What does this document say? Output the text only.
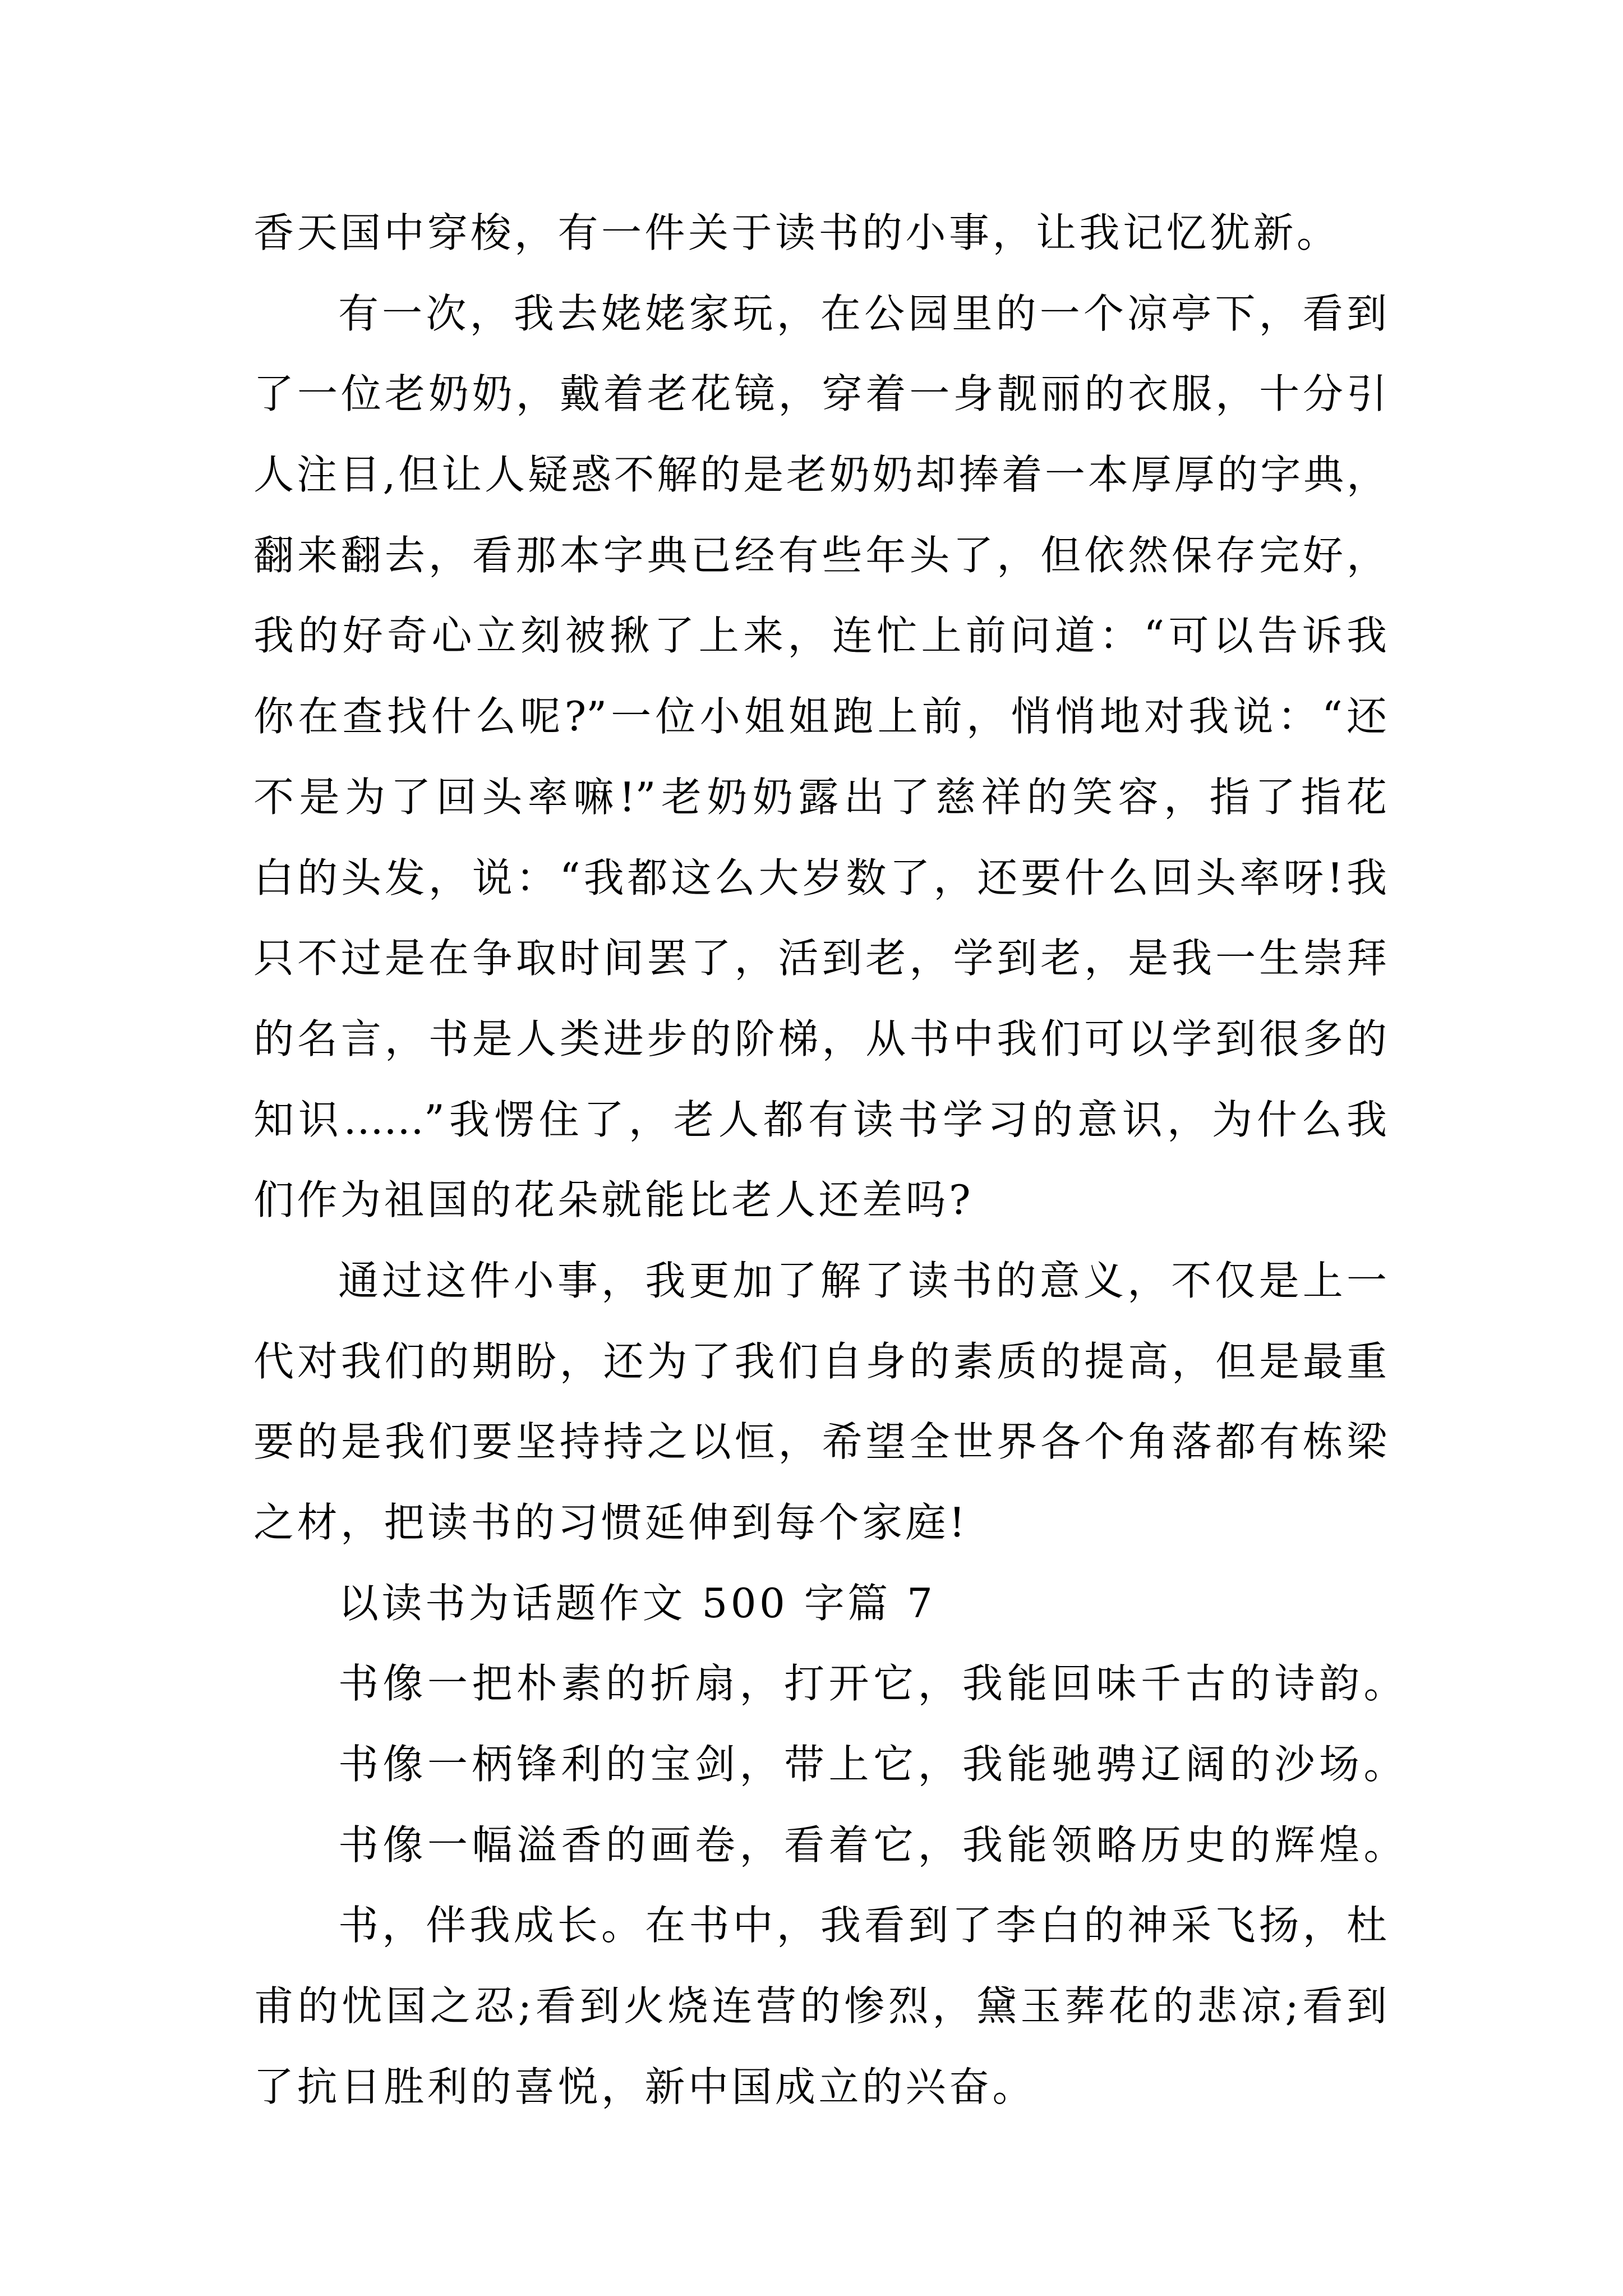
香天国中穿梭，有一件关于读书的小事，让我记忆犹新。
有一次，我去姥姥家玩，在公园里的一个凉亭下，看到
了一位老奶奶，戴着老花镜，穿着一身靓丽的衣服，十分引
人注目,但让人疑惑不解的是老奶奶却捧着一本厚厚的字典，
翻来翻去，看那本字典已经有些年头了，但依然保存完好，
我的好奇心立刻被揪了上来，连忙上前问道：“可以告诉我
你在查找什么呢?”一位小姐姐跑上前，悄悄地对我说：“还
不是为了回头率嘛!”老奶奶露出了慈祥的笑容，指了指花
白的头发，说：“我都这么大岁数了，还要什么回头率呀!我
只不过是在争取时间罢了，活到老，学到老，是我一生崇拜
的名言，书是人类进步的阶梯，从书中我们可以学到很多的
知识……”我愣住了，老人都有读书学习的意识，为什么我
们作为祖国的花朵就能比老人还差吗?
通过这件小事，我更加了解了读书的意义，不仅是上一
代对我们的期盼，还为了我们自身的素质的提高，但是最重
要的是我们要坚持持之以恒，希望全世界各个角落都有栋梁
之材，把读书的习惯延伸到每个家庭!
以读书为话题作文 500 字篇 7
书像一把朴素的折扇，打开它，我能回味千古的诗韵。
书像一柄锋利的宝剑，带上它，我能驰骋辽阔的沙场。
书像一幅溢香的画卷，看着它，我能领略历史的辉煌。
书，伴我成长。在书中，我看到了李白的神采飞扬，杜
甫的忧国之忍;看到火烧连营的惨烈，黛玉葬花的悲凉;看到
了抗日胜利的喜悦，新中国成立的兴奋。
